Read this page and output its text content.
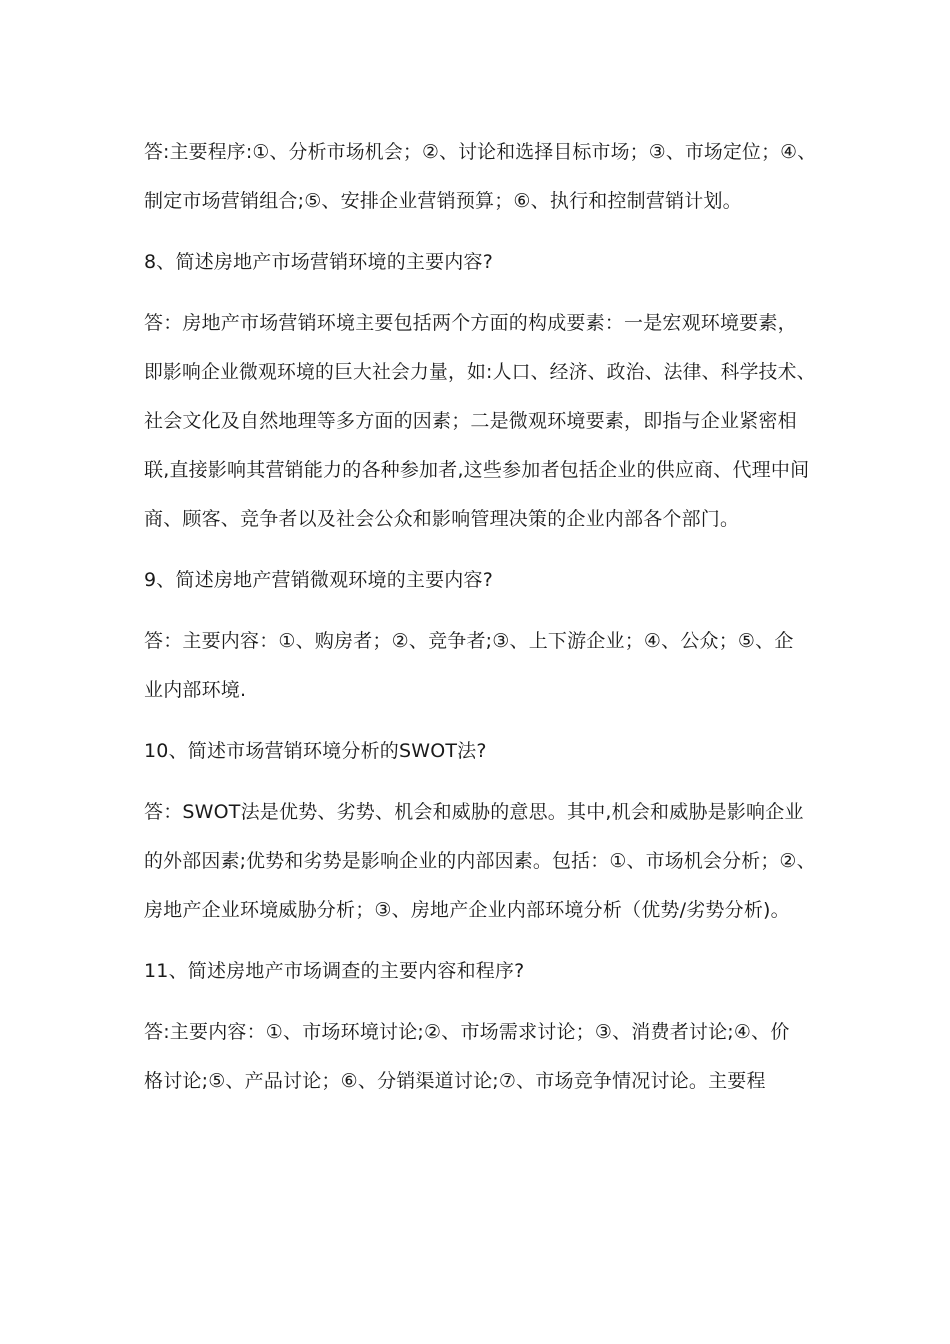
答:主要程序:①、分析市场机会；②、讨论和选择目标市场；③、市场定位；④、
制定市场营销组合;⑤、安排企业营销预算；⑥、执行和控制营销计划。

8、简述房地产市场营销环境的主要内容?

答：房地产市场营销环境主要包括两个方面的构成要素：一是宏观环境要素，
即影响企业微观环境的巨大社会力量，如:人口、经济、政治、法律、科学技术、
社会文化及自然地理等多方面的因素；二是微观环境要素，即指与企业紧密相
联,直接影响其营销能力的各种参加者,这些参加者包括企业的供应商、代理中间
商、顾客、竞争者以及社会公众和影响管理决策的企业内部各个部门。

9、简述房地产营销微观环境的主要内容?

答：主要内容：①、购房者；②、竞争者;③、上下游企业；④、公众；⑤、企
业内部环境.

10、简述市场营销环境分析的SWOT法?

答：SWOT法是优势、劣势、机会和威胁的意思。其中,机会和威胁是影响企业
的外部因素;优势和劣势是影响企业的内部因素。包括：①、市场机会分析；②、
房地产企业环境威胁分析；③、房地产企业内部环境分析（优势/劣势分析)。

11、简述房地产市场调查的主要内容和程序?

答:主要内容：①、市场环境讨论;②、市场需求讨论；③、消费者讨论;④、价
格讨论;⑤、产品讨论；⑥、分销渠道讨论;⑦、市场竞争情况讨论。主要程
